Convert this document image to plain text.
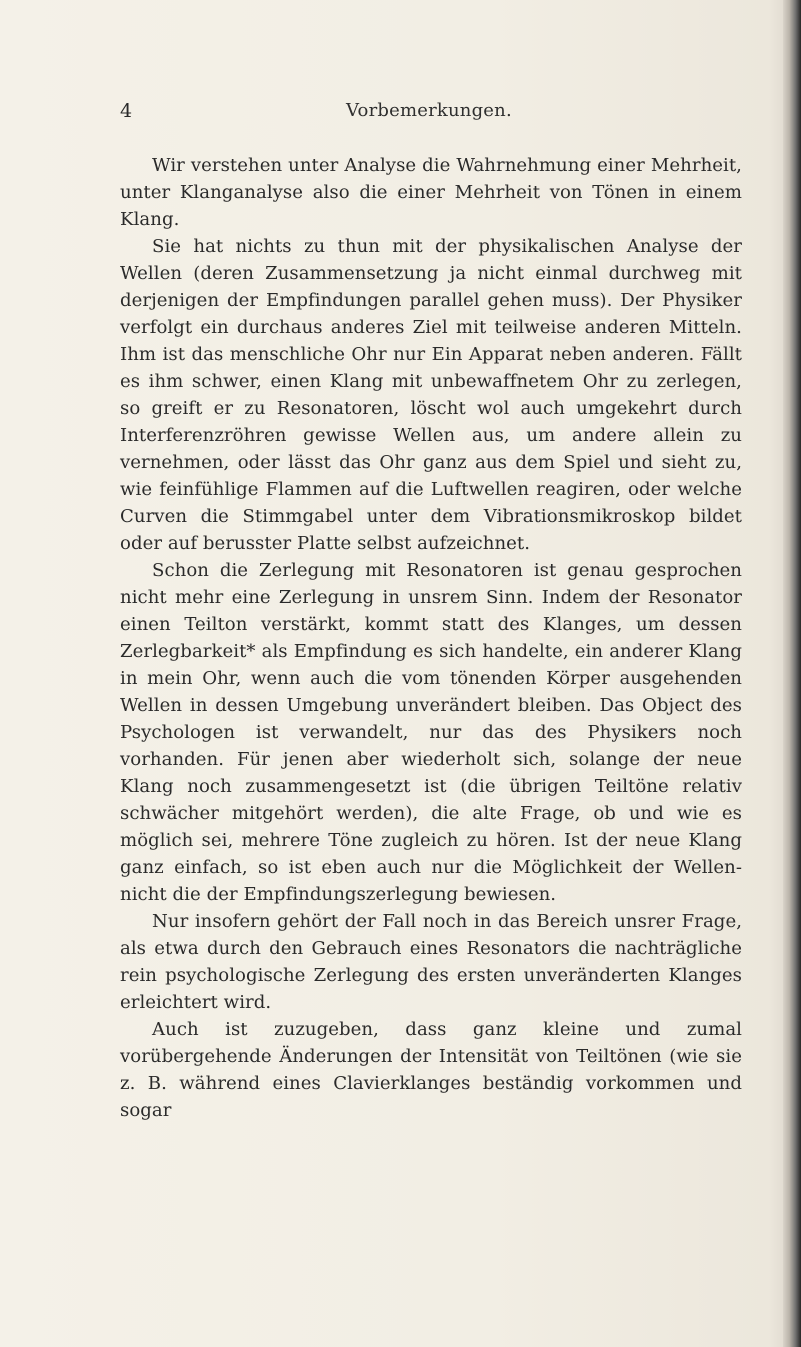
4	Vorbemerkungen.

Wir verstehen unter Analyse die Wahrnehmung einer Mehrheit, unter Klanganalyse also die einer Mehrheit von Tönen in einem Klang.

Sie hat nichts zu thun mit der physikalischen Analyse der Wellen (deren Zusammensetzung ja nicht einmal durchweg mit derjenigen der Empfindungen parallel gehen muss). Der Physiker verfolgt ein durchaus anderes Ziel mit teilweise anderen Mitteln. Ihm ist das menschliche Ohr nur Ein Apparat neben anderen. Fällt es ihm schwer, einen Klang mit unbewaffnetem Ohr zu zerlegen, so greift er zu Resonatoren, löscht wol auch umgekehrt durch Interferenzröhren gewisse Wellen aus, um andere allein zu vernehmen, oder lässt das Ohr ganz aus dem Spiel und sieht zu, wie feinfühlige Flammen auf die Luftwellen reagiren, oder welche Curven die Stimmgabel unter dem Vibrationsmikroskop bildet oder auf berusster Platte selbst aufzeichnet.

Schon die Zerlegung mit Resonatoren ist genau gesprochen nicht mehr eine Zerlegung in unsrem Sinn. Indem der Resonator einen Teilton verstärkt, kommt statt des Klanges, um dessen Zerlegbarkeit* als Empfindung es sich handelte, ein anderer Klang in mein Ohr, wenn auch die vom tönenden Körper ausgehenden Wellen in dessen Umgebung unverändert bleiben. Das Object des Psychologen ist verwandelt, nur das des Physikers noch vorhanden. Für jenen aber wiederholt sich, solange der neue Klang noch zusammengesetzt ist (die übrigen Teiltöne relativ schwächer mitgehört werden), die alte Frage, ob und wie es möglich sei, mehrere Töne zugleich zu hören. Ist der neue Klang ganz einfach, so ist eben auch nur die Möglichkeit der Wellen- nicht die der Empfindungszerlegung bewiesen.

Nur insofern gehört der Fall noch in das Bereich unsrer Frage, als etwa durch den Gebrauch eines Resonators die nachträgliche rein psychologische Zerlegung des ersten unveränderten Klanges erleichtert wird.

Auch ist zuzugeben, dass ganz kleine und zumal vorübergehende Änderungen der Intensität von Teiltönen (wie sie z. B. während eines Clavierklanges beständig vorkommen und sogar
